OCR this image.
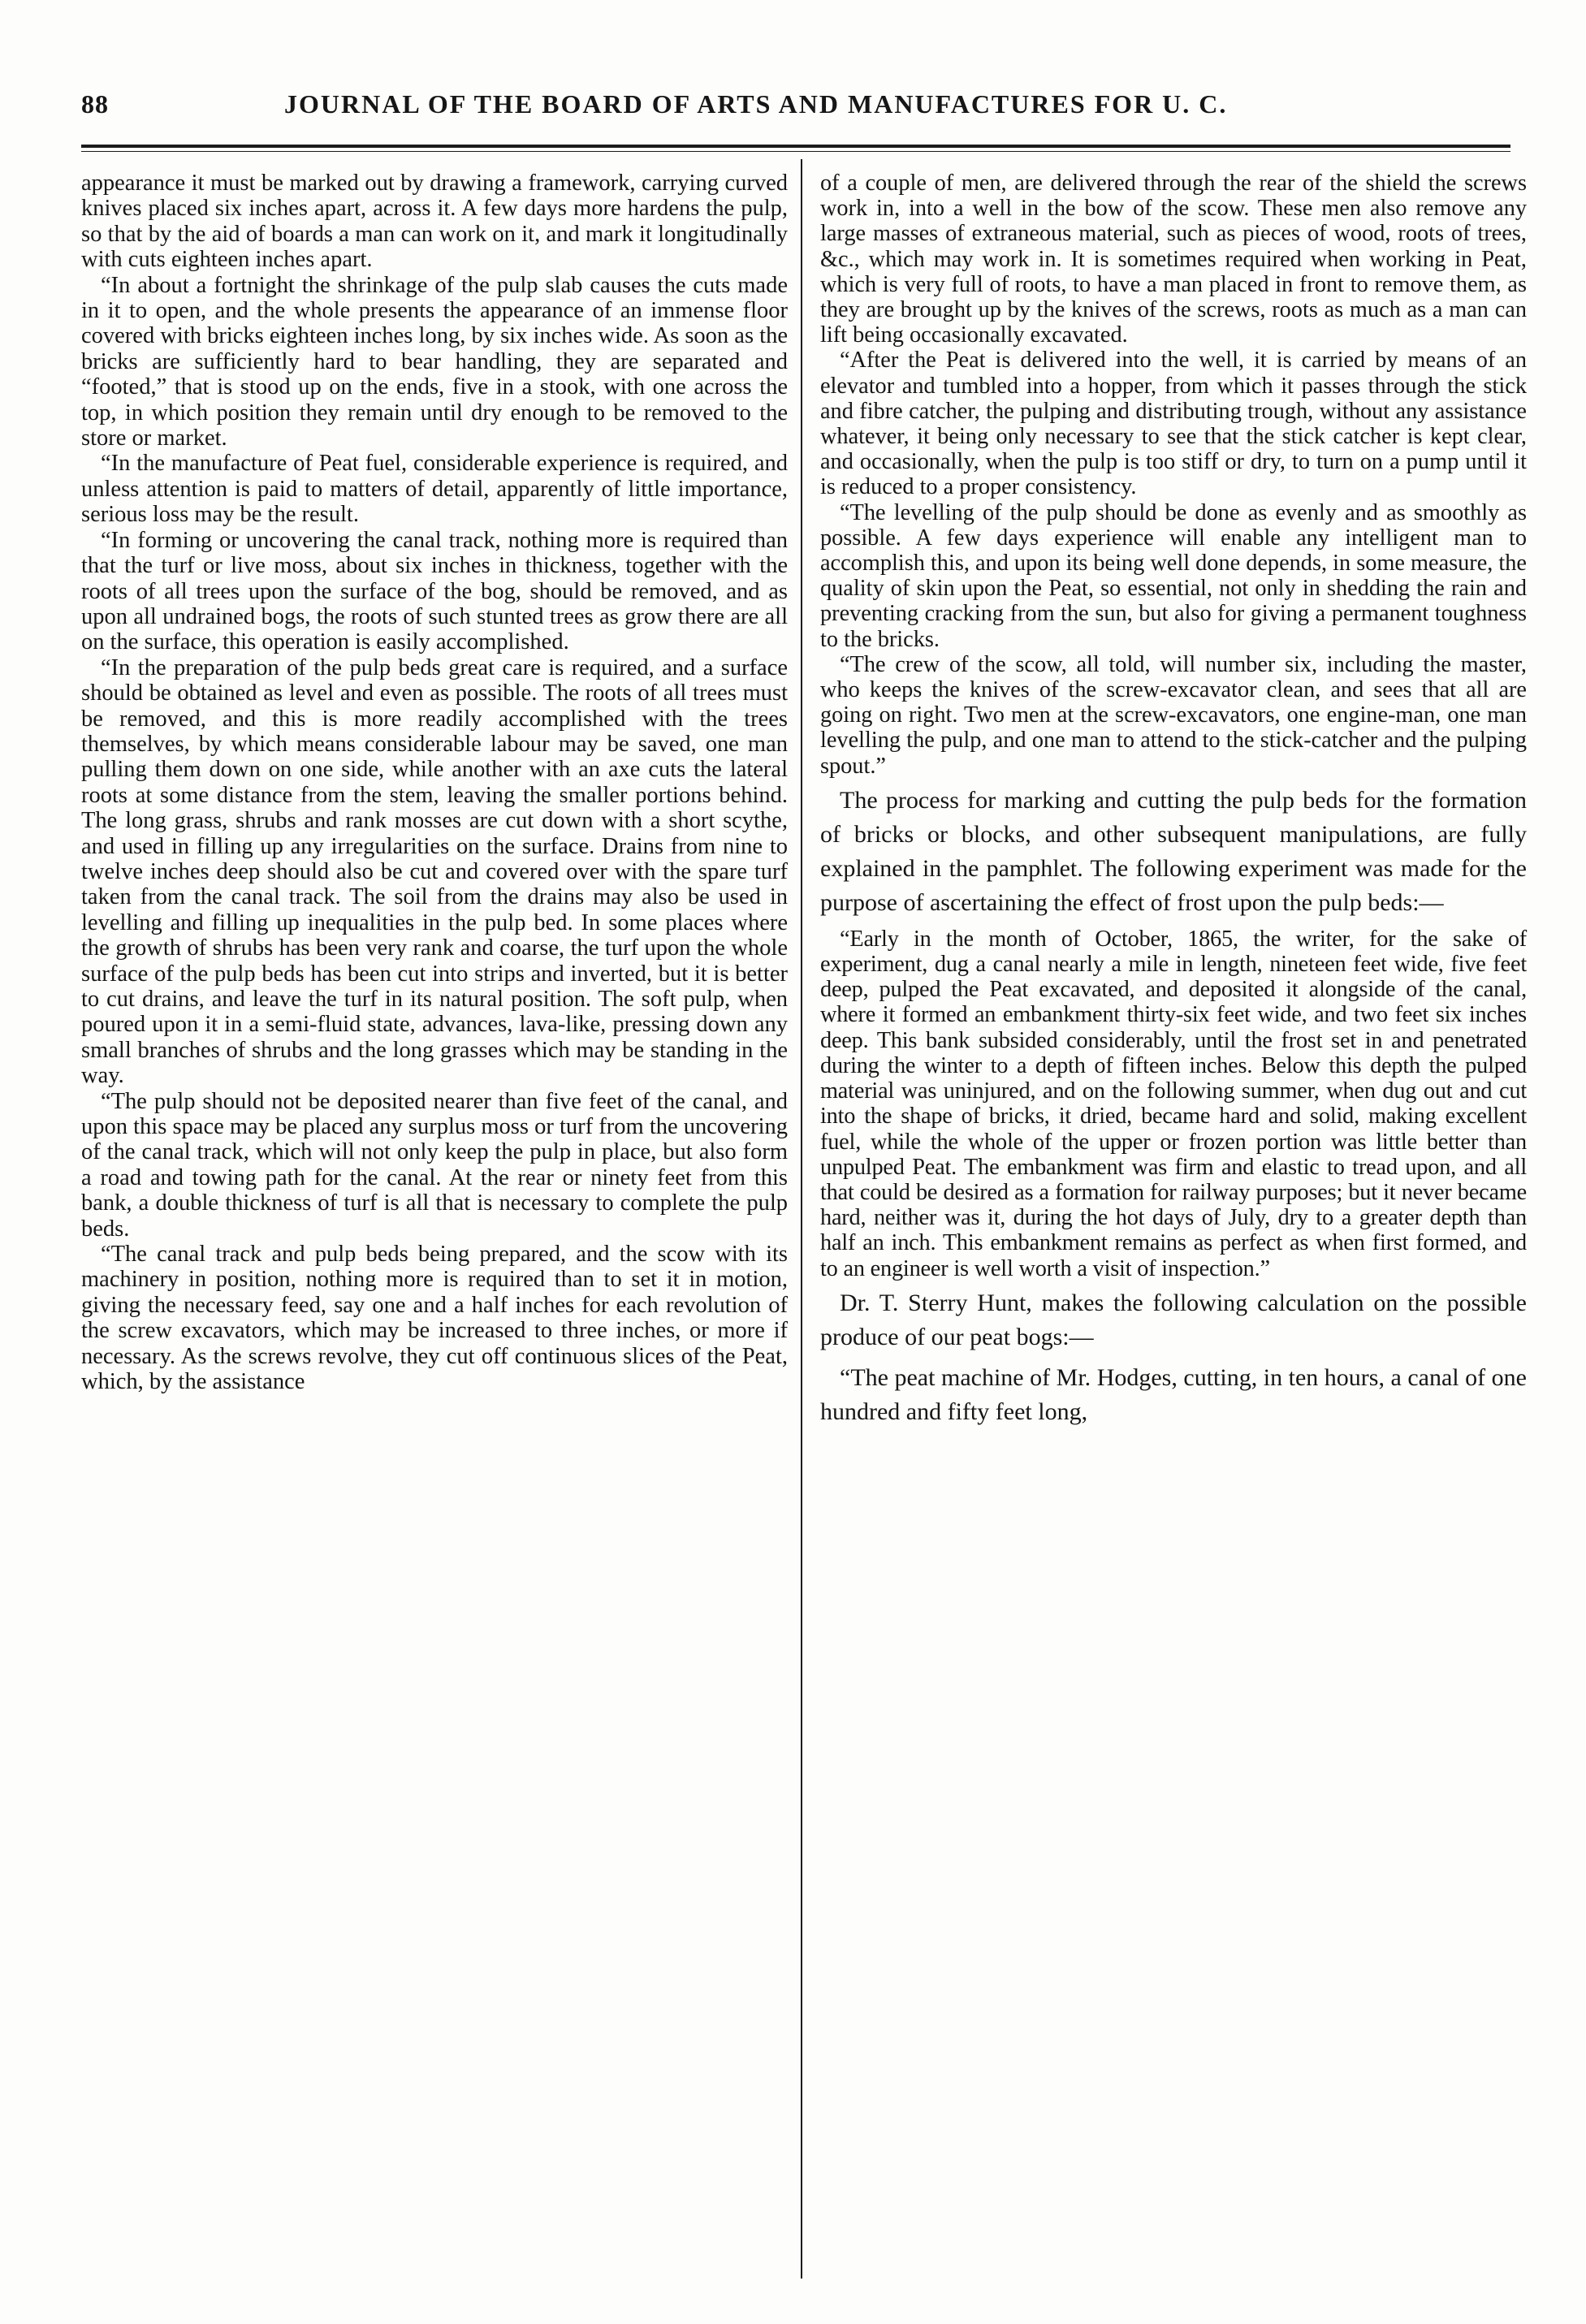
88	JOURNAL OF THE BOARD OF ARTS AND MANUFACTURES FOR U. C.

appearance it must be marked out by drawing a framework, carrying curved knives placed six inches apart, across it. A few days more hardens the pulp, so that by the aid of boards a man can work on it, and mark it longitudinally with cuts eighteen inches apart.

“In about a fortnight the shrinkage of the pulp slab causes the cuts made in it to open, and the whole presents the appearance of an immense floor covered with bricks eighteen inches long, by six inches wide. As soon as the bricks are sufficiently hard to bear handling, they are separated and “footed,” that is stood up on the ends, five in a stook, with one across the top, in which position they remain until dry enough to be removed to the store or market.

“In the manufacture of Peat fuel, considerable experience is required, and unless attention is paid to matters of detail, apparently of little importance, serious loss may be the result.

“In forming or uncovering the canal track, nothing more is required than that the turf or live moss, about six inches in thickness, together with the roots of all trees upon the surface of the bog, should be removed, and as upon all undrained bogs, the roots of such stunted trees as grow there are all on the surface, this operation is easily accomplished.

“In the preparation of the pulp beds great care is required, and a surface should be obtained as level and even as possible. The roots of all trees must be removed, and this is more readily accomplished with the trees themselves, by which means considerable labour may be saved, one man pulling them down on one side, while another with an axe cuts the lateral roots at some distance from the stem, leaving the smaller portions behind. The long grass, shrubs and rank mosses are cut down with a short scythe, and used in filling up any irregularities on the surface. Drains from nine to twelve inches deep should also be cut and covered over with the spare turf taken from the canal track. The soil from the drains may also be used in levelling and filling up inequalities in the pulp bed. In some places where the growth of shrubs has been very rank and coarse, the turf upon the whole surface of the pulp beds has been cut into strips and inverted, but it is better to cut drains, and leave the turf in its natural position. The soft pulp, when poured upon it in a semi-fluid state, advances, lava-like, pressing down any small branches of shrubs and the long grasses which may be standing in the way.

“The pulp should not be deposited nearer than five feet of the canal, and upon this space may be placed any surplus moss or turf from the uncovering of the canal track, which will not only keep the pulp in place, but also form a road and towing path for the canal. At the rear or ninety feet from this bank, a double thickness of turf is all that is necessary to complete the pulp beds.

“The canal track and pulp beds being prepared, and the scow with its machinery in position, nothing more is required than to set it in motion, giving the necessary feed, say one and a half inches for each revolution of the screw excavators, which may be increased to three inches, or more if necessary. As the screws revolve, they cut off continuous slices of the Peat, which, by the assistance

of a couple of men, are delivered through the rear of the shield the screws work in, into a well in the bow of the scow. These men also remove any large masses of extraneous material, such as pieces of wood, roots of trees, &c., which may work in. It is sometimes required when working in Peat, which is very full of roots, to have a man placed in front to remove them, as they are brought up by the knives of the screws, roots as much as a man can lift being occasionally excavated.

“After the Peat is delivered into the well, it is carried by means of an elevator and tumbled into a hopper, from which it passes through the stick and fibre catcher, the pulping and distributing trough, without any assistance whatever, it being only necessary to see that the stick catcher is kept clear, and occasionally, when the pulp is too stiff or dry, to turn on a pump until it is reduced to a proper consistency.

“The levelling of the pulp should be done as evenly and as smoothly as possible. A few days experience will enable any intelligent man to accomplish this, and upon its being well done depends, in some measure, the quality of skin upon the Peat, so essential, not only in shedding the rain and preventing cracking from the sun, but also for giving a permanent toughness to the bricks.

“The crew of the scow, all told, will number six, including the master, who keeps the knives of the screw-excavator clean, and sees that all are going on right. Two men at the screw-excavators, one engine-man, one man levelling the pulp, and one man to attend to the stick-catcher and the pulping spout.”

The process for marking and cutting the pulp beds for the formation of bricks or blocks, and other subsequent manipulations, are fully explained in the pamphlet. The following experiment was made for the purpose of ascertaining the effect of frost upon the pulp beds:—

“Early in the month of October, 1865, the writer, for the sake of experiment, dug a canal nearly a mile in length, nineteen feet wide, five feet deep, pulped the Peat excavated, and deposited it alongside of the canal, where it formed an embankment thirty-six feet wide, and two feet six inches deep. This bank subsided considerably, until the frost set in and penetrated during the winter to a depth of fifteen inches. Below this depth the pulped material was uninjured, and on the following summer, when dug out and cut into the shape of bricks, it dried, became hard and solid, making excellent fuel, while the whole of the upper or frozen portion was little better than unpulped Peat. The embankment was firm and elastic to tread upon, and all that could be desired as a formation for railway purposes; but it never became hard, neither was it, during the hot days of July, dry to a greater depth than half an inch. This embankment remains as perfect as when first formed, and to an engineer is well worth a visit of inspection.”

Dr. T. Sterry Hunt, makes the following calculation on the possible produce of our peat bogs:—

“The peat machine of Mr. Hodges, cutting, in ten hours, a canal of one hundred and fifty feet long,
